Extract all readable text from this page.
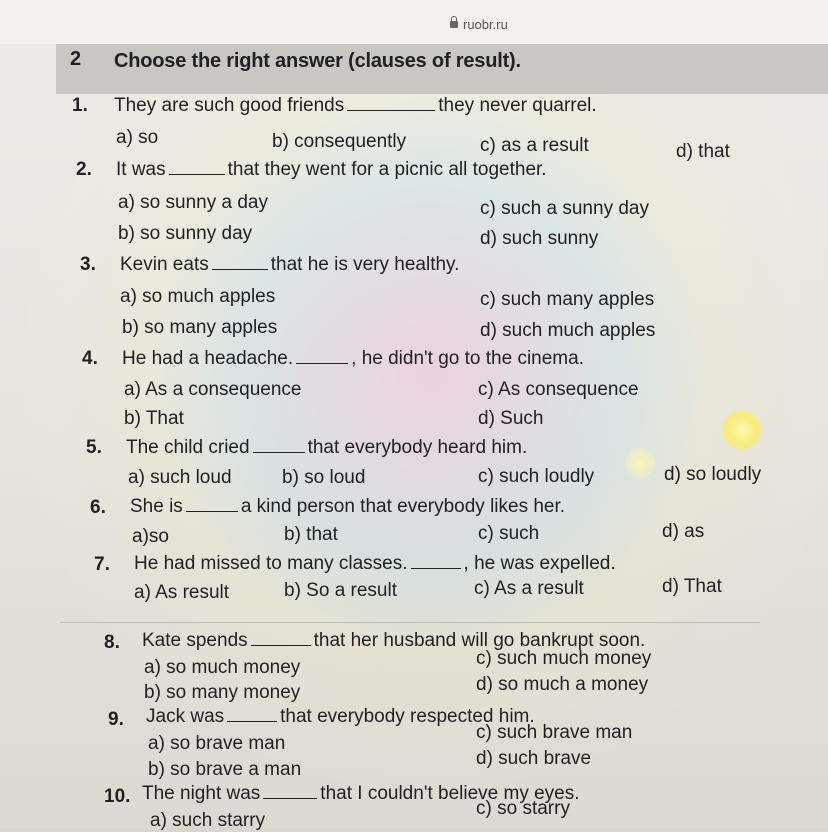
ruobr.ru
2 Choose the right answer (clauses of result).
1. They are such good friends	they never quarrel.
a) so	b) consequently	c) as a result	d) that
2. It was	that they went for a picnic all together.
a) so sunny a day
b) so sunny day
c) such a sunny day
d) such sunny
3. Kevin eats	that he is very healthy.
a) so much apples
b) so many apples
c) such many apples
d) such much apples
4. He had a headache.	, he didn't go to the cinema.
a) As a consequence
b) That
c) As consequence
d) Such
5. The child cried	that everybody heard him.
a) such loud	b) so loud	c) such loudly	d) so loudly
6. She is	a kind person that everybody likes her.
a)so	b) that	c) such	d) as
7. He had missed to many classes.	, he was expelled.
a) As result	b) So a result	c) As a result	d) That
8. Kate spends	that her husband will go bankrupt soon.
a) so much money
b) so many money
c) such much money
d) so much a money
9. Jack was	that everybody respected him.
a) so brave man
b) so brave a man
c) such brave man
d) such brave
10. The night was	that I couldn't believe my eyes.
a) such starry
c) so starry
